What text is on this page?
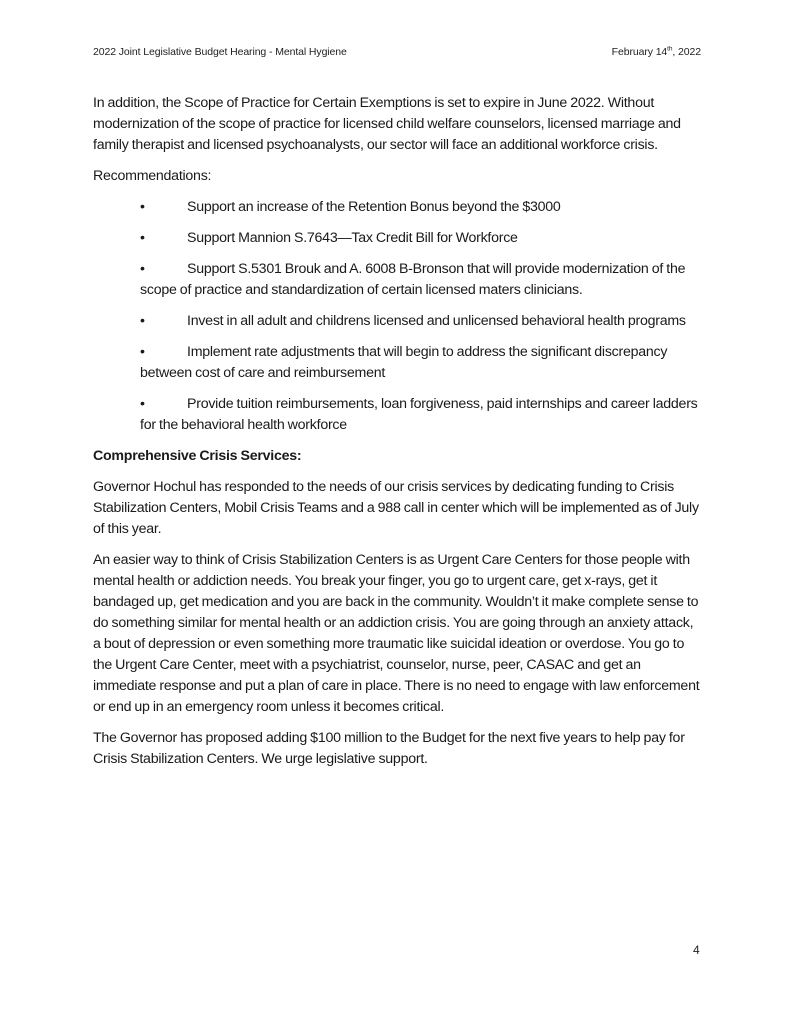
2022 Joint Legislative Budget Hearing - Mental Hygiene	February 14th, 2022

In addition, the Scope of Practice for Certain Exemptions is set to expire in June 2022. Without modernization of the scope of practice for licensed child welfare counselors, licensed marriage and family therapist and licensed psychoanalysts, our sector will face an additional workforce crisis.

Recommendations:

•	Support an increase of the Retention Bonus beyond the $3000
•	Support Mannion S.7643—Tax Credit Bill for Workforce
•	Support S.5301 Brouk and A. 6008 B-Bronson that will provide modernization of the scope of practice and standardization of certain licensed maters clinicians.
•	Invest in all adult and childrens licensed and unlicensed behavioral health programs
•	Implement rate adjustments that will begin to address the significant discrepancy between cost of care and reimbursement
•	Provide tuition reimbursements, loan forgiveness, paid internships and career ladders for the behavioral health workforce

Comprehensive Crisis Services:

Governor Hochul has responded to the needs of our crisis services by dedicating funding to Crisis Stabilization Centers, Mobil Crisis Teams and a 988 call in center which will be implemented as of July of this year.

An easier way to think of Crisis Stabilization Centers is as Urgent Care Centers for those people with mental health or addiction needs. You break your finger, you go to urgent care, get x-rays, get it bandaged up, get medication and you are back in the community. Wouldn’t it make complete sense to do something similar for mental health or an addiction crisis. You are going through an anxiety attack, a bout of depression or even something more traumatic like suicidal ideation or overdose. You go to the Urgent Care Center, meet with a psychiatrist, counselor, nurse, peer, CASAC and get an immediate response and put a plan of care in place. There is no need to engage with law enforcement or end up in an emergency room unless it becomes critical.

The Governor has proposed adding $100 million to the Budget for the next five years to help pay for Crisis Stabilization Centers. We urge legislative support.

4
